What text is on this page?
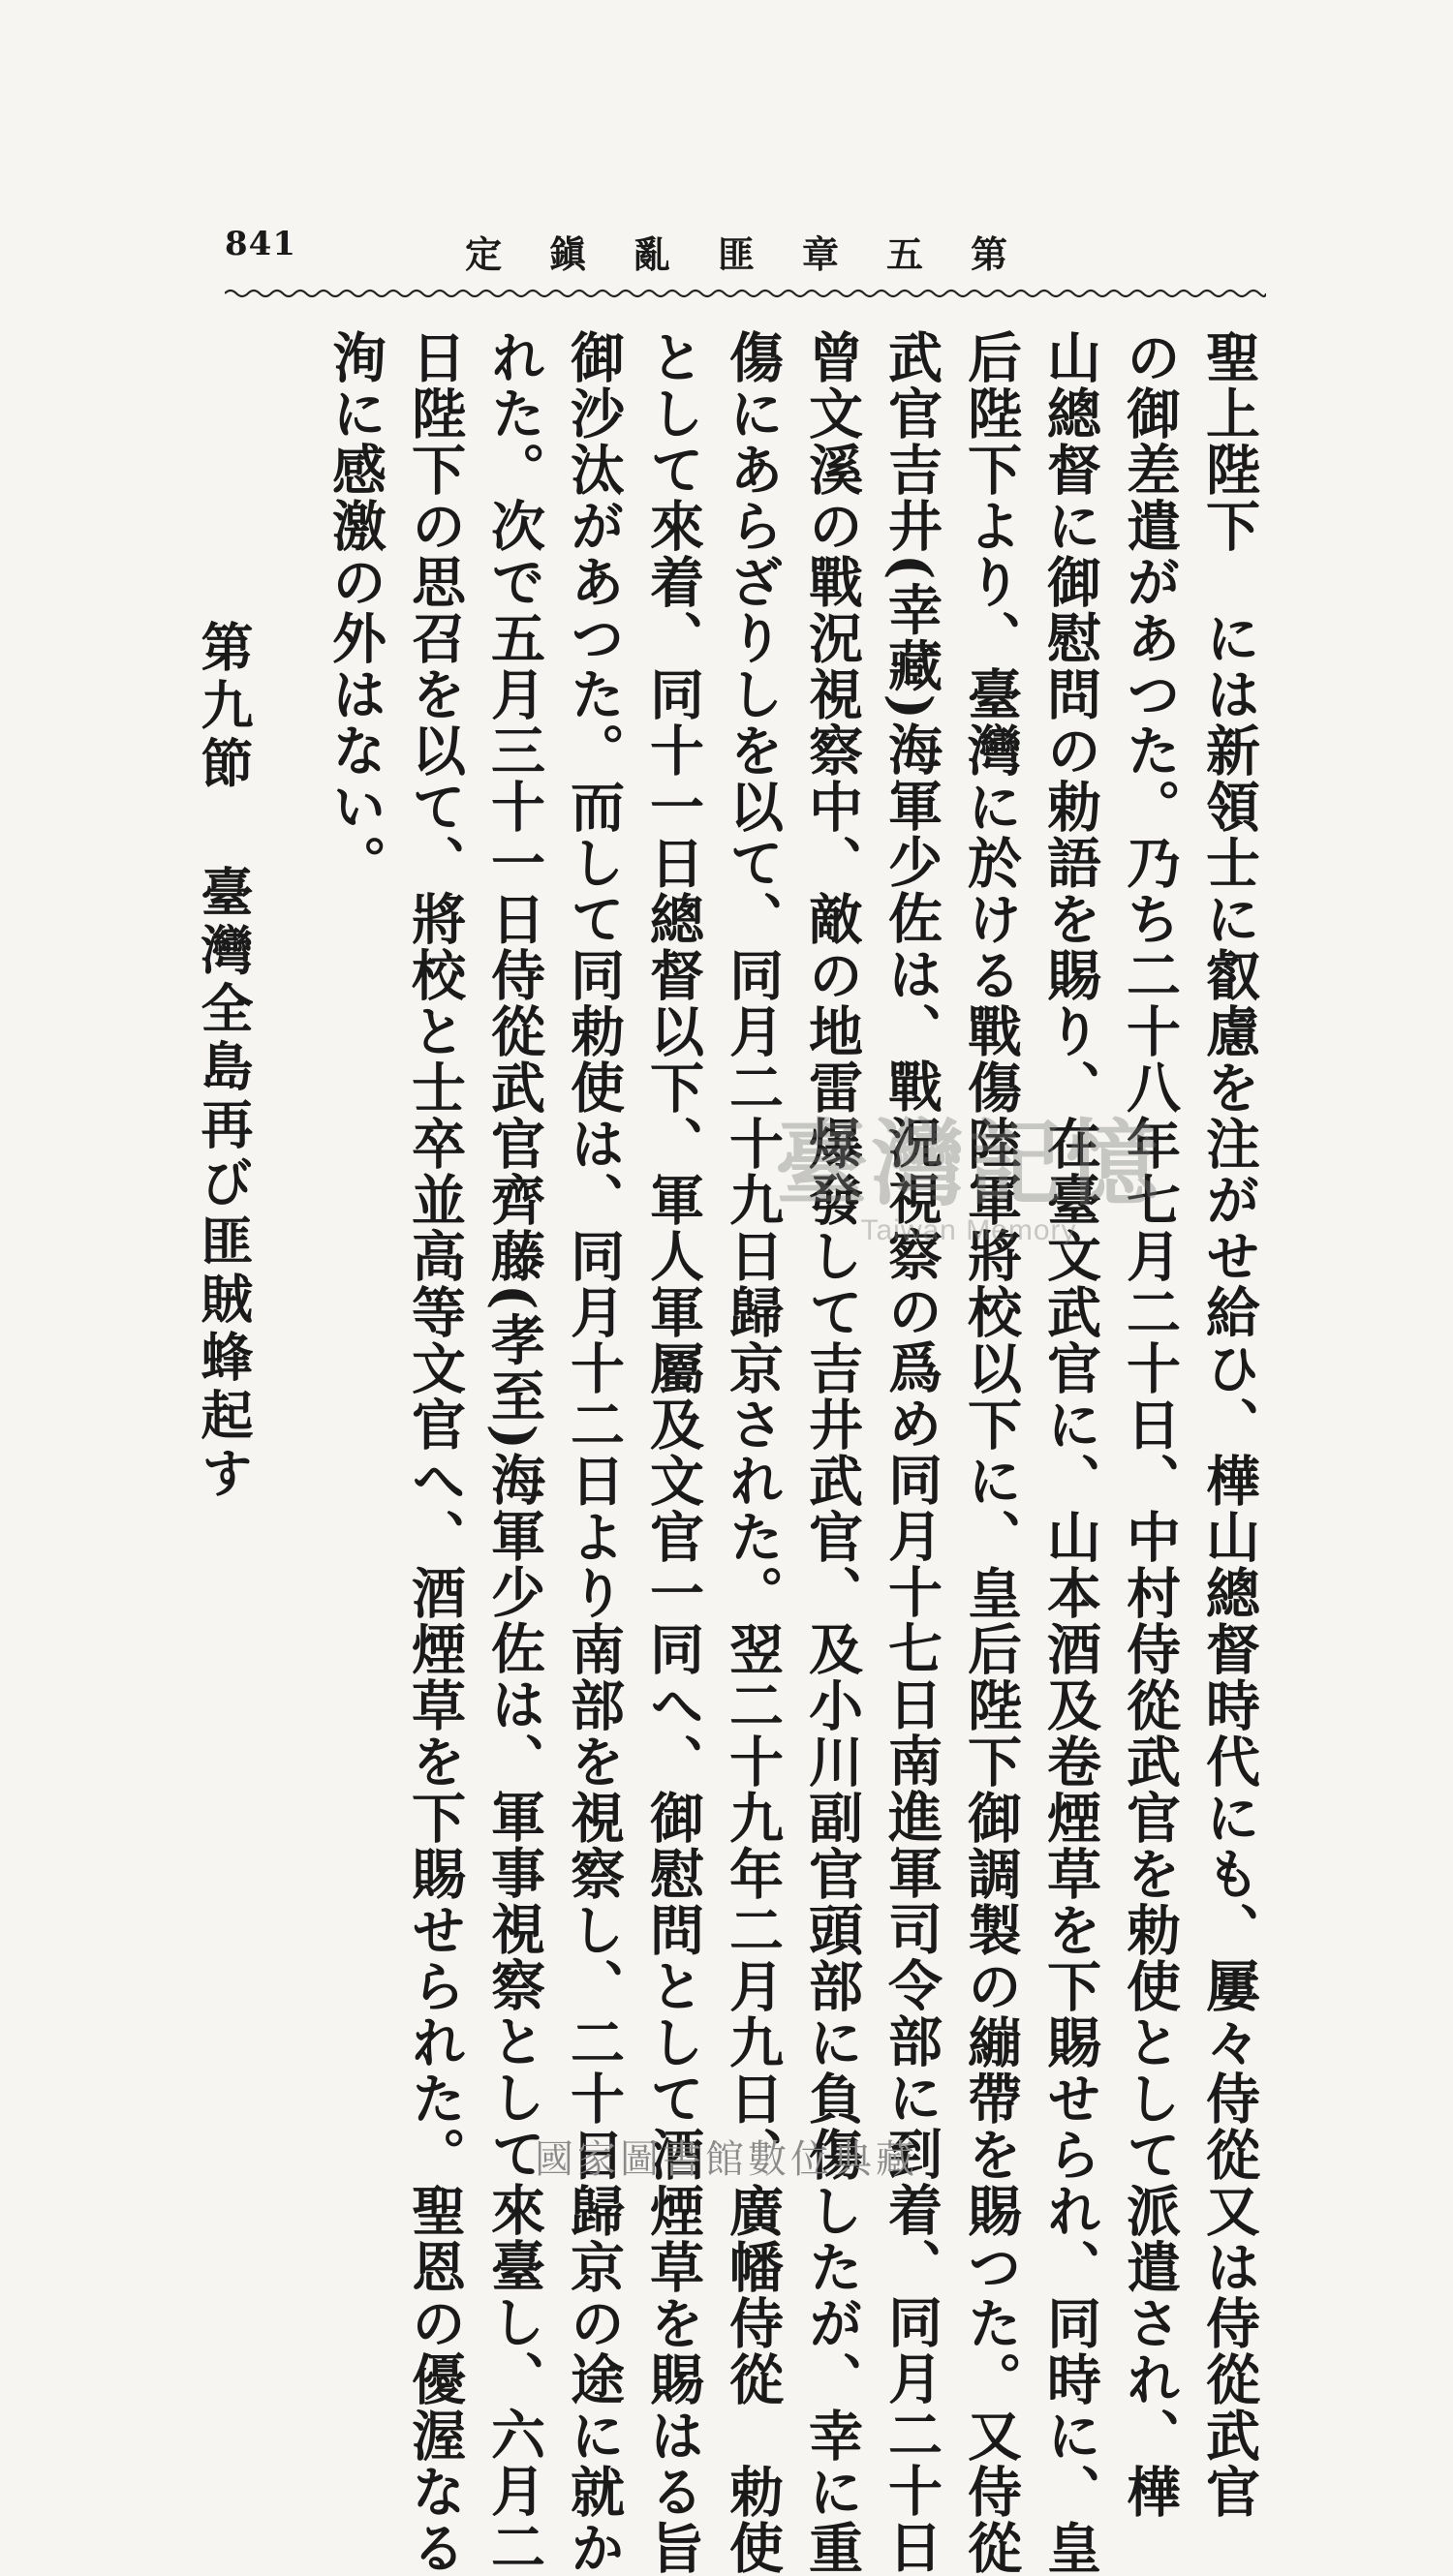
841	第
五
章
匪
亂
鎭
定
聖上陛下　には新領士に叡慮を注がせ給ひ、樺山總督時代にも、屢々侍從又は侍從武官
の御差遣があつた。乃ち二十八年七月二十日、中村侍從武官を勅使として派遣され、樺
山總督に御慰問の勅語を賜り、在臺文武官に、山本酒及卷煙草を下賜せられ、同時に、皇
后陛下より、臺灣に於ける戰傷陸軍將校以下に、皇后陛下御調製の繃帶を賜つた。又侍從
武官吉井(幸藏)海軍少佐は、戰況視察の爲め同月十七日南進軍司令部に到着、同月二十日
曾文溪の戰況視察中、敵の地雷爆發して吉井武官、及小川副官頭部に負傷したが、幸に重
傷にあらざりしを以て、同月二十九日歸京された。翌二十九年二月九日、廣幡侍從　勅使
として來着、同十一日總督以下、軍人軍屬及文官一同へ、御慰問として酒煙草を賜はる旨
御沙汰があつた。而して同勅使は、同月十二日より南部を視察し、二十日歸京の途に就か
れた。次で五月三十一日侍從武官齊藤(孝至)海軍少佐は、軍事視察として來臺し、六月二
日陛下の思召を以て、將校と士卒並高等文官へ、酒煙草を下賜せられた。聖恩の優渥なる
洵に感激の外はない。
第九節 臺灣全島再び匪賊蜂起す	臺灣記憶
Taiwan Memory
國家圖書館數位典藏
